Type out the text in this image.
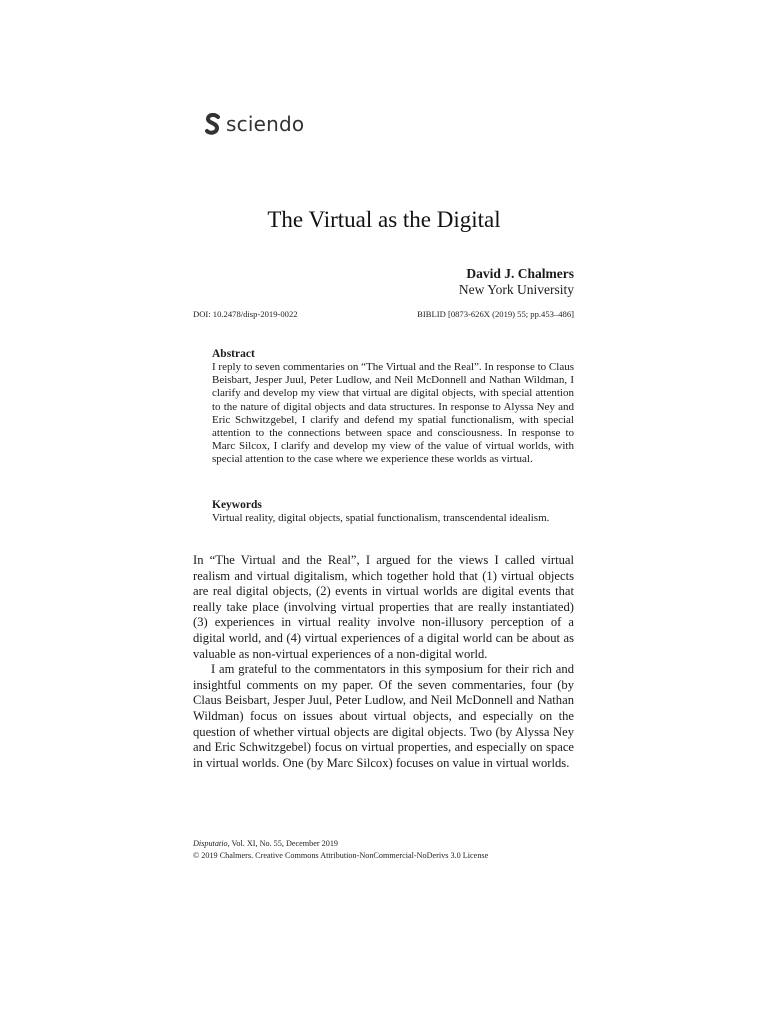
sciendo
The Virtual as the Digital
David J. Chalmers
New York University
DOI: 10.2478/disp-2019-0022	BIBLID [0873-626X (2019) 55; pp.453–486]
Abstract
I reply to seven commentaries on “The Virtual and the Real”. In response to Claus Beisbart, Jesper Juul, Peter Ludlow, and Neil McDonnell and Nathan Wildman, I clarify and develop my view that virtual are digital objects, with special attention to the nature of digital objects and data structures. In response to Alyssa Ney and Eric Schwitzgebel, I clarify and defend my spatial functionalism, with special attention to the connections between space and consciousness. In response to Marc Silcox, I clarify and develop my view of the value of virtual worlds, with special attention to the case where we experience these worlds as virtual.
Keywords
Virtual reality, digital objects, spatial functionalism, transcendental idealism.

In “The Virtual and the Real”, I argued for the views I called virtual realism and virtual digitalism, which together hold that (1) virtual objects are real digital objects, (2) events in virtual worlds are digital events that really take place (involving virtual properties that are really instantiated) (3) experiences in virtual reality involve non-illusory perception of a digital world, and (4) virtual experiences of a digital world can be about as valuable as non-virtual experiences of a non-digital world.

I am grateful to the commentators in this symposium for their rich and insightful comments on my paper. Of the seven commentaries, four (by Claus Beisbart, Jesper Juul, Peter Ludlow, and Neil McDonnell and Nathan Wildman) focus on issues about virtual objects, and especially on the question of whether virtual objects are digital objects. Two (by Alyssa Ney and Eric Schwitzgebel) focus on virtual properties, and especially on space in virtual worlds. One (by Marc Silcox) focuses on value in virtual worlds.

Disputatio, Vol. XI, No. 55, December 2019
© 2019 Chalmers. Creative Commons Attribution-NonCommercial-NoDerivs 3.0 License
